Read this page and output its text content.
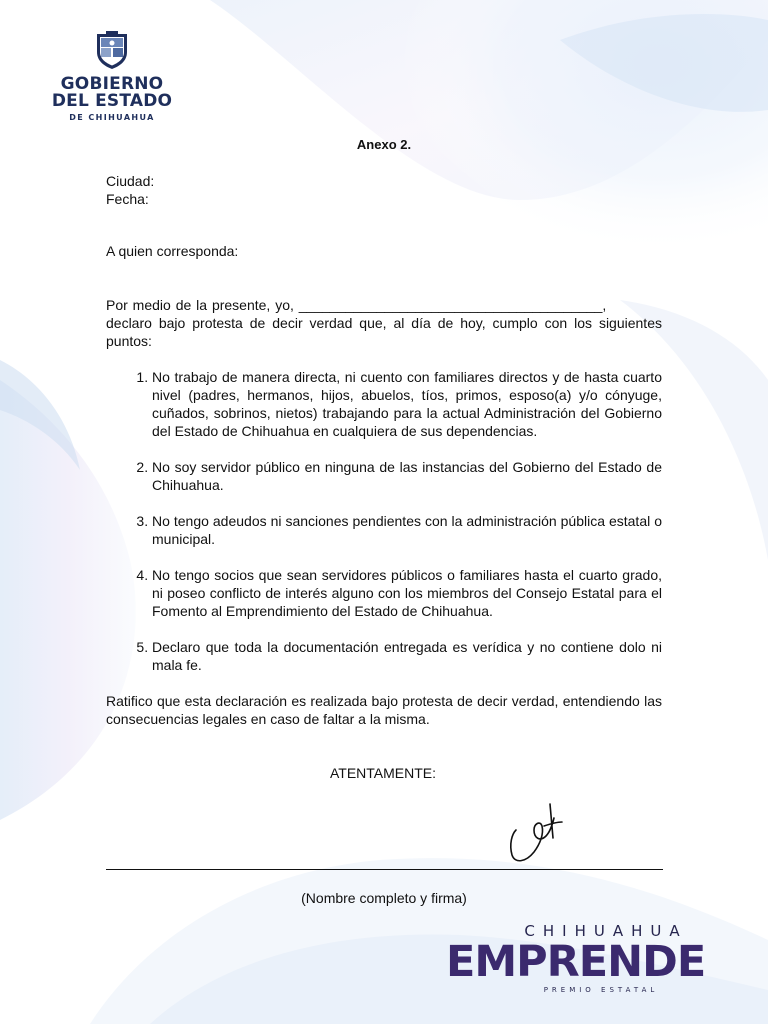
GOBIERNO
DEL ESTADO
DE CHIHUAHUA

Anexo 2.

Ciudad:

Fecha:

A quien corresponda:

Por medio de la presente, yo, _______________________________________,

declaro bajo protesta de decir verdad que, al día de hoy, cumplo con los siguientes puntos:

1. No trabajo de manera directa, ni cuento con familiares directos y de hasta cuarto nivel (padres, hermanos, hijos, abuelos, tíos, primos, esposo(a) y/o cónyuge, cuñados, sobrinos, nietos) trabajando para la actual Administración del Gobierno del Estado de Chihuahua en cualquiera de sus dependencias.
2. No soy servidor público en ninguna de las instancias del Gobierno del Estado de Chihuahua.
3. No tengo adeudos ni sanciones pendientes con la administración pública estatal o municipal.
4. No tengo socios que sean servidores públicos o familiares hasta el cuarto grado, ni poseo conflicto de interés alguno con los miembros del Consejo Estatal para el Fomento al Emprendimiento del Estado de Chihuahua.
5. Declaro que toda la documentación entregada es verídica y no contiene dolo ni mala fe.

Ratifico que esta declaración es realizada bajo protesta de decir verdad, entendiendo las consecuencias legales en caso de faltar a la misma.

ATENTAMENTE:

(Nombre completo y firma)
CHIHUAHUA
EMPRENDE
PREMIO ESTATAL
